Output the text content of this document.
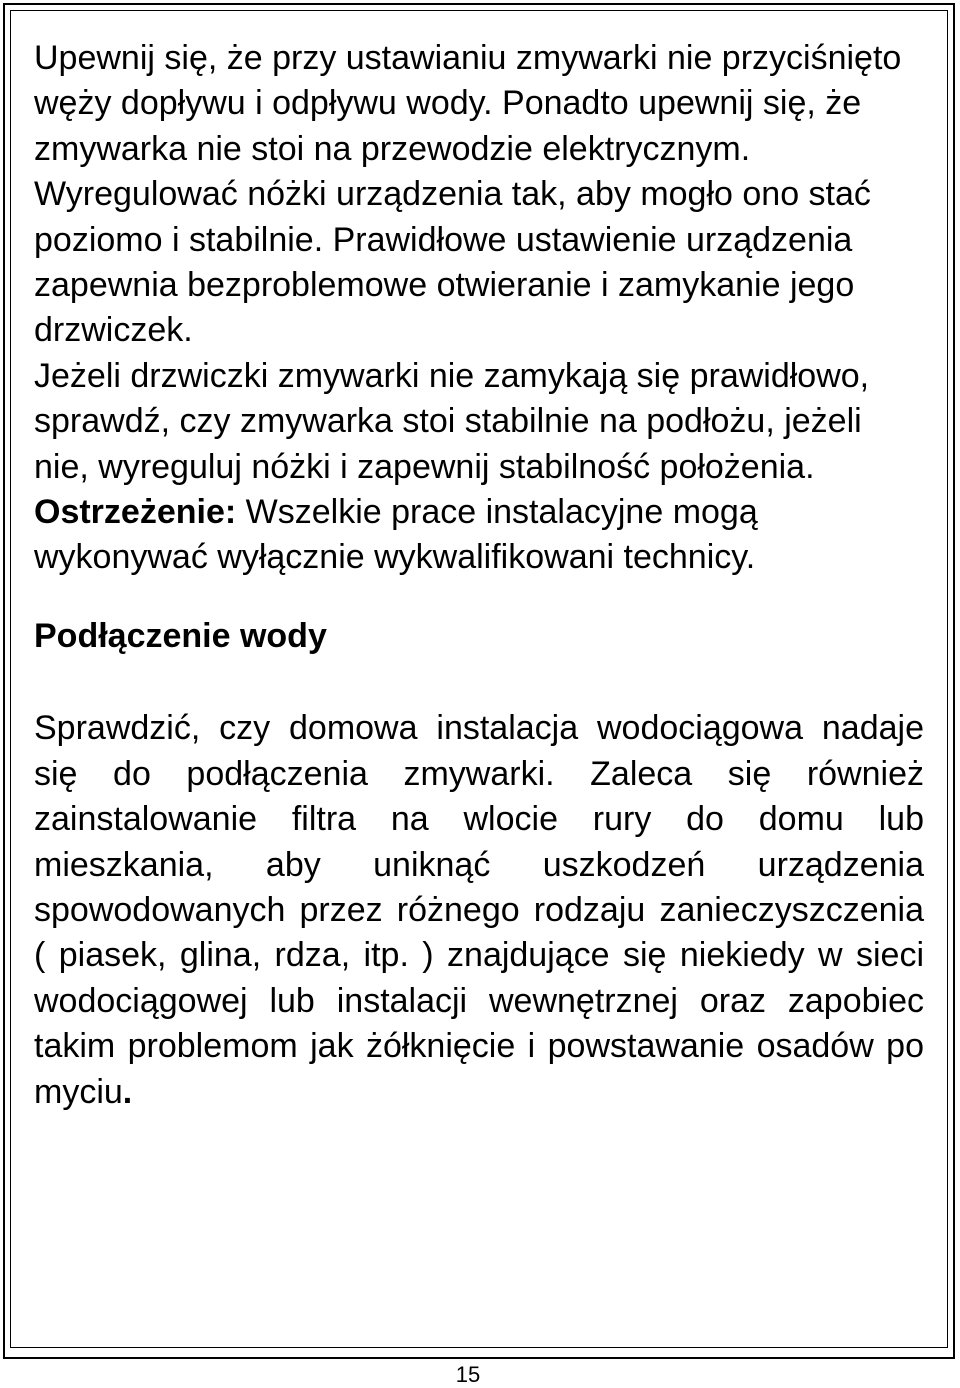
Upewnij się, że przy ustawianiu zmywarki nie przyciśnięto węży dopływu i odpływu wody. Ponadto upewnij się, że zmywarka nie stoi na przewodzie elektrycznym.

Wyregulować nóżki urządzenia tak, aby mogło ono stać poziomo i stabilnie. Prawidłowe ustawienie urządzenia zapewnia bezproblemowe otwieranie i zamykanie jego drzwiczek.

Jeżeli drzwiczki zmywarki nie zamykają się prawidłowo, sprawdź, czy zmywarka stoi stabilnie na podłożu, jeżeli nie, wyreguluj nóżki i zapewnij stabilność położenia.

Ostrzeżenie: Wszelkie prace instalacyjne mogą wykonywać wyłącznie wykwalifikowani technicy.

Podłączenie wody

Sprawdzić, czy domowa instalacja wodociągowa nadaje się do podłączenia zmywarki. Zaleca się również zainstalowanie filtra na wlocie rury do domu lub mieszkania, aby uniknąć uszkodzeń urządzenia spowodowanych przez różnego rodzaju zanieczyszczenia ( piasek, glina, rdza, itp. ) znajdujące się niekiedy w sieci wodociągowej lub instalacji wewnętrznej oraz zapobiec takim problemom jak żółknięcie i powstawanie osadów po myciu.

15
